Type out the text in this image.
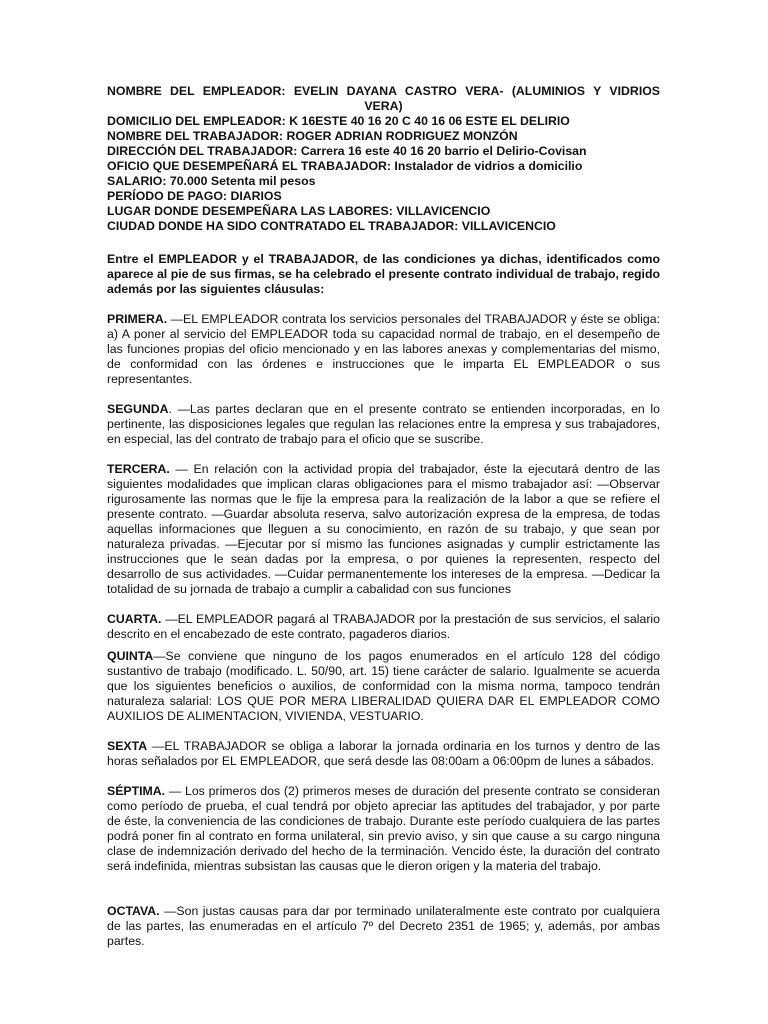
NOMBRE DEL EMPLEADOR: EVELIN DAYANA CASTRO VERA- (ALUMINIOS Y VIDRIOS
VERA)
DOMICILIO DEL EMPLEADOR: K 16ESTE 40 16 20 C 40 16 06 ESTE EL DELIRIO
NOMBRE DEL TRABAJADOR: ROGER ADRIAN RODRIGUEZ MONZÓN
DIRECCIÓN DEL TRABAJADOR: Carrera 16 este 40 16 20 barrio el Delirio-Covisan
OFICIO QUE DESEMPEÑARÁ EL TRABAJADOR: Instalador de vidrios a domicilio
SALARIO: 70.000 Setenta mil pesos
PERÍODO DE PAGO: DIARIOS
LUGAR DONDE DESEMPEÑARA LAS LABORES: VILLAVICENCIO
CIUDAD DONDE HA SIDO CONTRATADO EL TRABAJADOR: VILLAVICENCIO

Entre el EMPLEADOR y el TRABAJADOR, de las condiciones ya dichas, identificados como aparece al pie de sus firmas, se ha celebrado el presente contrato individual de trabajo, regido además por las siguientes cláusulas:

PRIMERA. —EL EMPLEADOR contrata los servicios personales del TRABAJADOR y éste se obliga: a) A poner al servicio del EMPLEADOR toda su capacidad normal de trabajo, en el desempeño de las funciones propias del oficio mencionado y en las labores anexas y complementarias del mismo, de conformidad con las órdenes e instrucciones que le imparta EL EMPLEADOR o sus representantes.

SEGUNDA. —Las partes declaran que en el presente contrato se entienden incorporadas, en lo pertinente, las disposiciones legales que regulan las relaciones entre la empresa y sus trabajadores, en especial, las del contrato de trabajo para el oficio que se suscribe.

TERCERA. — En relación con la actividad propia del trabajador, éste la ejecutará dentro de las siguientes modalidades que implican claras obligaciones para el mismo trabajador así: —Observar rigurosamente las normas que le fije la empresa para la realización de la labor a que se refiere el presente contrato. —Guardar absoluta reserva, salvo autorización expresa de la empresa, de todas aquellas informaciones que lleguen a su conocimiento, en razón de su trabajo, y que sean por naturaleza privadas. —Ejecutar por sí mismo las funciones asignadas y cumplir estrictamente las instrucciones que le sean dadas por la empresa, o por quienes la representen, respecto del desarrollo de sus actividades. —Cuidar permanentemente los intereses de la empresa. —Dedicar la totalidad de su jornada de trabajo a cumplir a cabalidad con sus funciones

CUARTA. —EL EMPLEADOR pagará al TRABAJADOR por la prestación de sus servicios, el salario descrito en el encabezado de este contrato, pagaderos diarios.

QUINTA—Se conviene que ninguno de los pagos enumerados en el artículo 128 del código sustantivo de trabajo (modificado. L. 50/90, art. 15) tiene carácter de salario. Igualmente se acuerda que los siguientes beneficios o auxilios, de conformidad con la misma norma, tampoco tendrán naturaleza salarial: LOS QUE POR MERA LIBERALIDAD QUIERA DAR EL EMPLEADOR COMO AUXILIOS DE ALIMENTACION, VIVIENDA, VESTUARIO.

SEXTA —EL TRABAJADOR se obliga a laborar la jornada ordinaria en los turnos y dentro de las horas señalados por EL EMPLEADOR, que será desde las 08:00am a 06:00pm de lunes a sábados.

SÉPTIMA. — Los primeros dos (2) primeros meses de duración del presente contrato se consideran como período de prueba, el cual tendrá por objeto apreciar las aptitudes del trabajador, y por parte de éste, la conveniencia de las condiciones de trabajo. Durante este período cualquiera de las partes podrá poner fin al contrato en forma unilateral, sin previo aviso, y sin que cause a su cargo ninguna clase de indemnización derivado del hecho de la terminación. Vencido éste, la duración del contrato será indefinida, mientras subsistan las causas que le dieron origen y la materia del trabajo.

OCTAVA. —Son justas causas para dar por terminado unilateralmente este contrato por cualquiera de las partes, las enumeradas en el artículo 7º del Decreto 2351 de 1965; y, además, por ambas partes.
